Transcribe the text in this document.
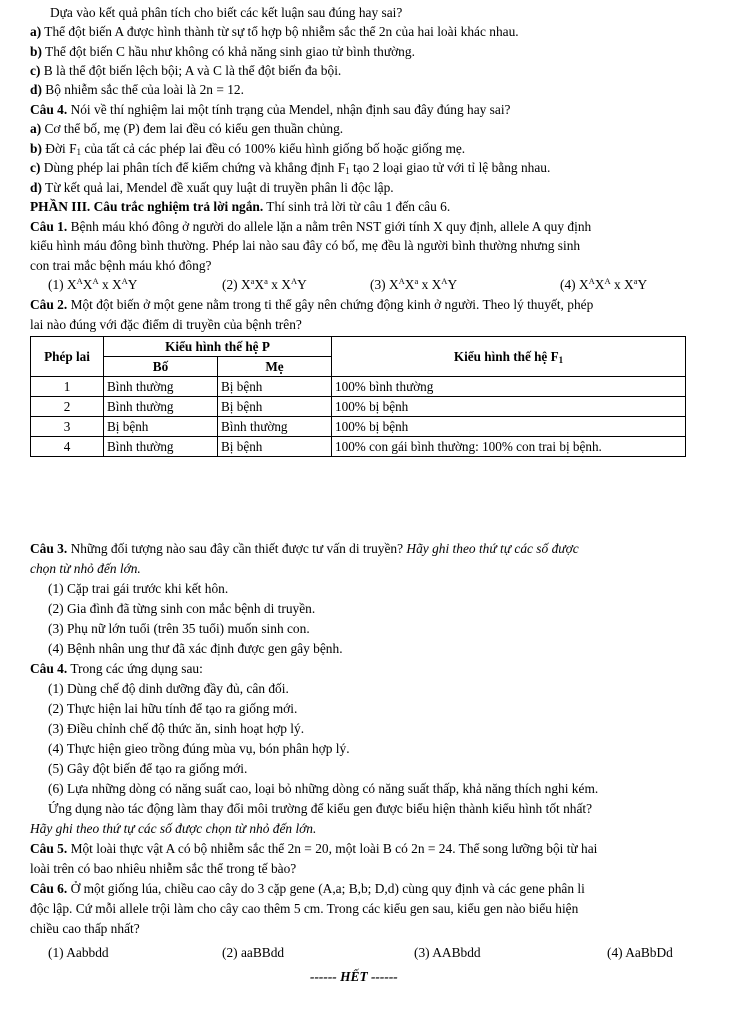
Dựa vào kết quả phân tích cho biết các kết luận sau đúng hay sai?
a) Thể đột biến A được hình thành từ sự tổ hợp bộ nhiễm sắc thể 2n của hai loài khác nhau.
b) Thể đột biến C hầu như không có khả năng sinh giao tử bình thường.
c) B là thể đột biến lệch bội; A và C là thể đột biến đa bội.
d) Bộ nhiễm sắc thể của loài là 2n = 12.
Câu 4. Nói về thí nghiệm lai một tính trạng của Mendel, nhận định sau đây đúng hay sai?
a) Cơ thể bố, mẹ (P) đem lai đều có kiểu gen thuần chủng.
b) Đời $F_1$ của tất cả các phép lai đều có 100% kiểu hình giống bố hoặc giống mẹ.
c) Dùng phép lai phân tích để kiểm chứng và khẳng định $F_1$ tạo 2 loại giao tử với tỉ lệ bằng nhau.
d) Từ kết quả lai, Mendel đề xuất quy luật di truyền phân li độc lập.
PHẦN III. Câu trắc nghiệm trả lời ngắn. Thí sinh trả lời từ câu 1 đến câu 6.
Câu 1. Bệnh máu khó đông ở người do allele lặn a nằm trên NST giới tính X quy định, allele A quy định
kiểu hình máu đông bình thường. Phép lai nào sau đây có bố, mẹ đều là người bình thường nhưng sinh
con trai mắc bệnh máu khó đông?
(1) $X^AX^A$ x $X^AY$	(2) $X^aX^a$ x $X^AY$	(3) $X^AX^a$ x $X^AY$	(4) $X^AX^A$ x $X^aY$
Câu 2. Một đột biến ở một gene nằm trong ti thể gây nên chứng động kinh ở người. Theo lý thuyết, phép
lai nào đúng với đặc điểm di truyền của bệnh trên?
Phép lai	Kiểu hình thế hệ P		Kiểu hình thế hệ $F_1$
	Bố	Mẹ	
1	Bình thường	Bị bệnh	100% bình thường
2	Bình thường	Bị bệnh	100% bị bệnh
3	Bị bệnh	Bình thường	100% bị bệnh
4	Bình thường	Bị bệnh	100% con gái bình thường: 100% con trai bị bệnh.
Câu 3. Những đối tượng nào sau đây cần thiết được tư vấn di truyền? Hãy ghi theo thứ tự các số được
chọn từ nhỏ đến lớn.
(1) Cặp trai gái trước khi kết hôn.
(2) Gia đình đã từng sinh con mắc bệnh di truyền.
(3) Phụ nữ lớn tuổi (trên 35 tuổi) muốn sinh con.
(4) Bệnh nhân ung thư đã xác định được gen gây bệnh.
Câu 4. Trong các ứng dụng sau:
(1) Dùng chế độ dinh dưỡng đầy đủ, cân đối.
(2) Thực hiện lai hữu tính để tạo ra giống mới.
(3) Điều chỉnh chế độ thức ăn, sinh hoạt hợp lý.
(4) Thực hiện gieo trồng đúng mùa vụ, bón phân hợp lý.
(5) Gây đột biến để tạo ra giống mới.
(6) Lựa những dòng có năng suất cao, loại bỏ những dòng có năng suất thấp, khả năng thích nghi kém.
Ứng dụng nào tác động làm thay đổi môi trường để kiểu gen được biểu hiện thành kiểu hình tốt nhất?
Hãy ghi theo thứ tự các số được chọn từ nhỏ đến lớn.
Câu 5. Một loài thực vật A có bộ nhiễm sắc thể 2n = 20, một loài B có 2n = 24. Thể song lưỡng bội từ hai
loài trên có bao nhiêu nhiễm sắc thể trong tế bào?
Câu 6. Ở một giống lúa, chiều cao cây do 3 cặp gene (A,a; B,b; D,d) cùng quy định và các gene phân li
độc lập. Cứ mỗi allele trội làm cho cây cao thêm 5 cm. Trong các kiểu gen sau, kiểu gen nào biểu hiện
chiều cao thấp nhất?
(1) Aabbdd	(2) aaBBdd	(3) AABbdd	(4) AaBbDd
------ HẾT ------
